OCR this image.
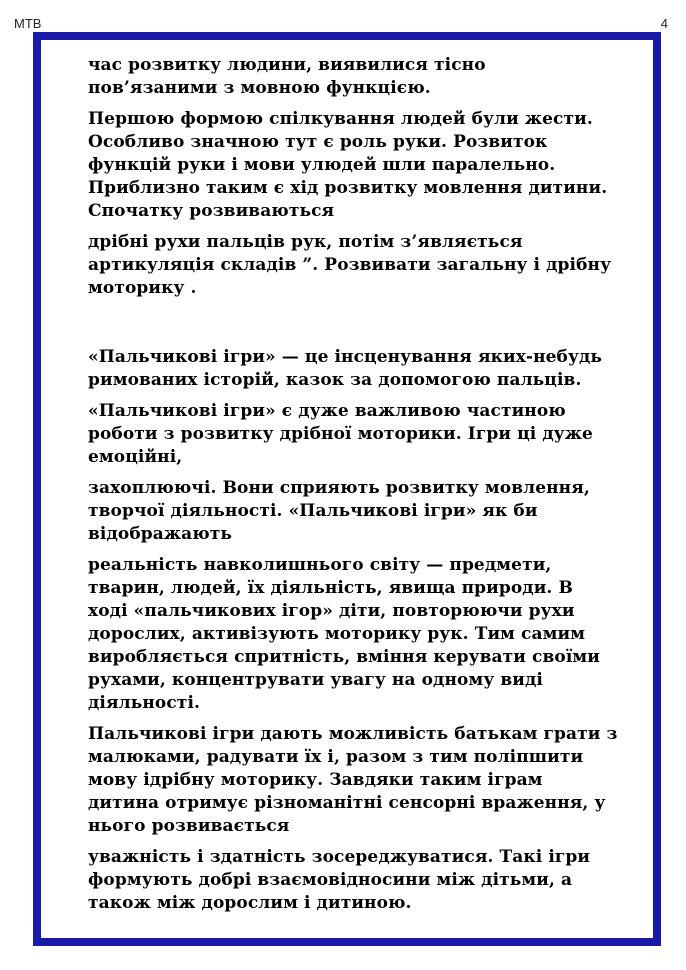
МТВ	4

час розвитку людини, виявилися тісно пов’язаними з мовною функцією.

Першою формою спілкування людей були жести. Особливо значною тут є роль руки. Розвиток функцій руки і мови улюдей шли паралельно. Приблизно таким є хід розвитку мовлення дитини. Спочатку розвиваються

дрібні рухи пальців рук, потім з’являється артикуляція складів ”. Розвивати загальну і дрібну моторику .

«Пальчикові ігри» — це інсценування яких-небудь римованих історій, казок за допомогою пальців.

«Пальчикові ігри» є дуже важливою частиною роботи з розвитку дрібної моторики. Ігри ці дуже емоційні,

захоплюючі. Вони сприяють розвитку мовлення, творчої діяльності. «Пальчикові ігри» як би відображають

реальність навколишнього світу — предмети, тварин, людей, їх діяльність, явища природи. В ході «пальчикових ігор» діти, повторюючи рухи дорослих, активізують моторику рук. Тим самим виробляється спритність, вміння керувати своїми рухами, концентрувати увагу на одному виді діяльності.

Пальчикові ігри дають можливість батькам грати з малюками, радувати їх і, разом з тим поліпшити мову ідрібну моторику. Завдяки таким іграм дитина отримує різноманітні сенсорні враження, у нього розвивається

уважність і здатність зосереджуватися. Такі ігри формують добрі взаємовідносини між дітьми, а також між дорослим і дитиною.
